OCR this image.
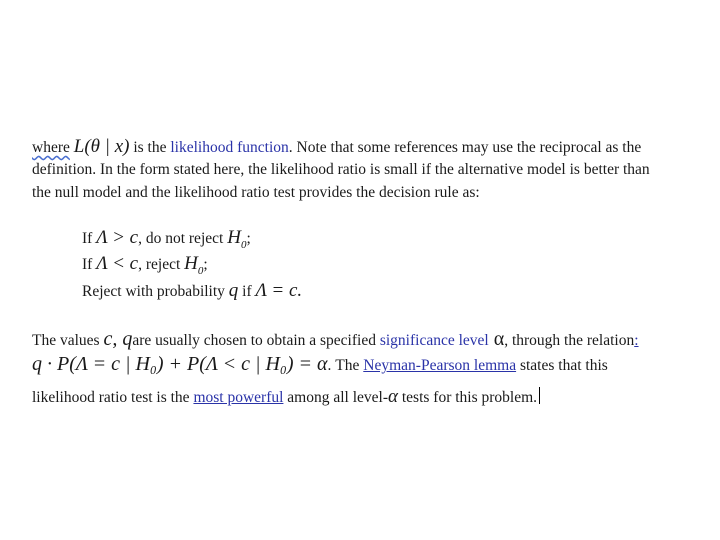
where L(θ | x) is the likelihood function. Note that some references may use the reciprocal as the
definition. In the form stated here, the likelihood ratio is small if the alternative model is better than
the null model and the likelihood ratio test provides the decision rule as:
If Λ > c, do not reject $H_0$;
If Λ < c, reject $H_0$;
Reject with probability q if Λ = c.
The values c, qare usually chosen to obtain a specified significance level α, through the relation:
q · P(Λ = c | H₀) + P(Λ < c | H₀) = α. The Neyman-Pearson lemma states that this
likelihood ratio test is the most powerful among all level-α tests for this problem.
